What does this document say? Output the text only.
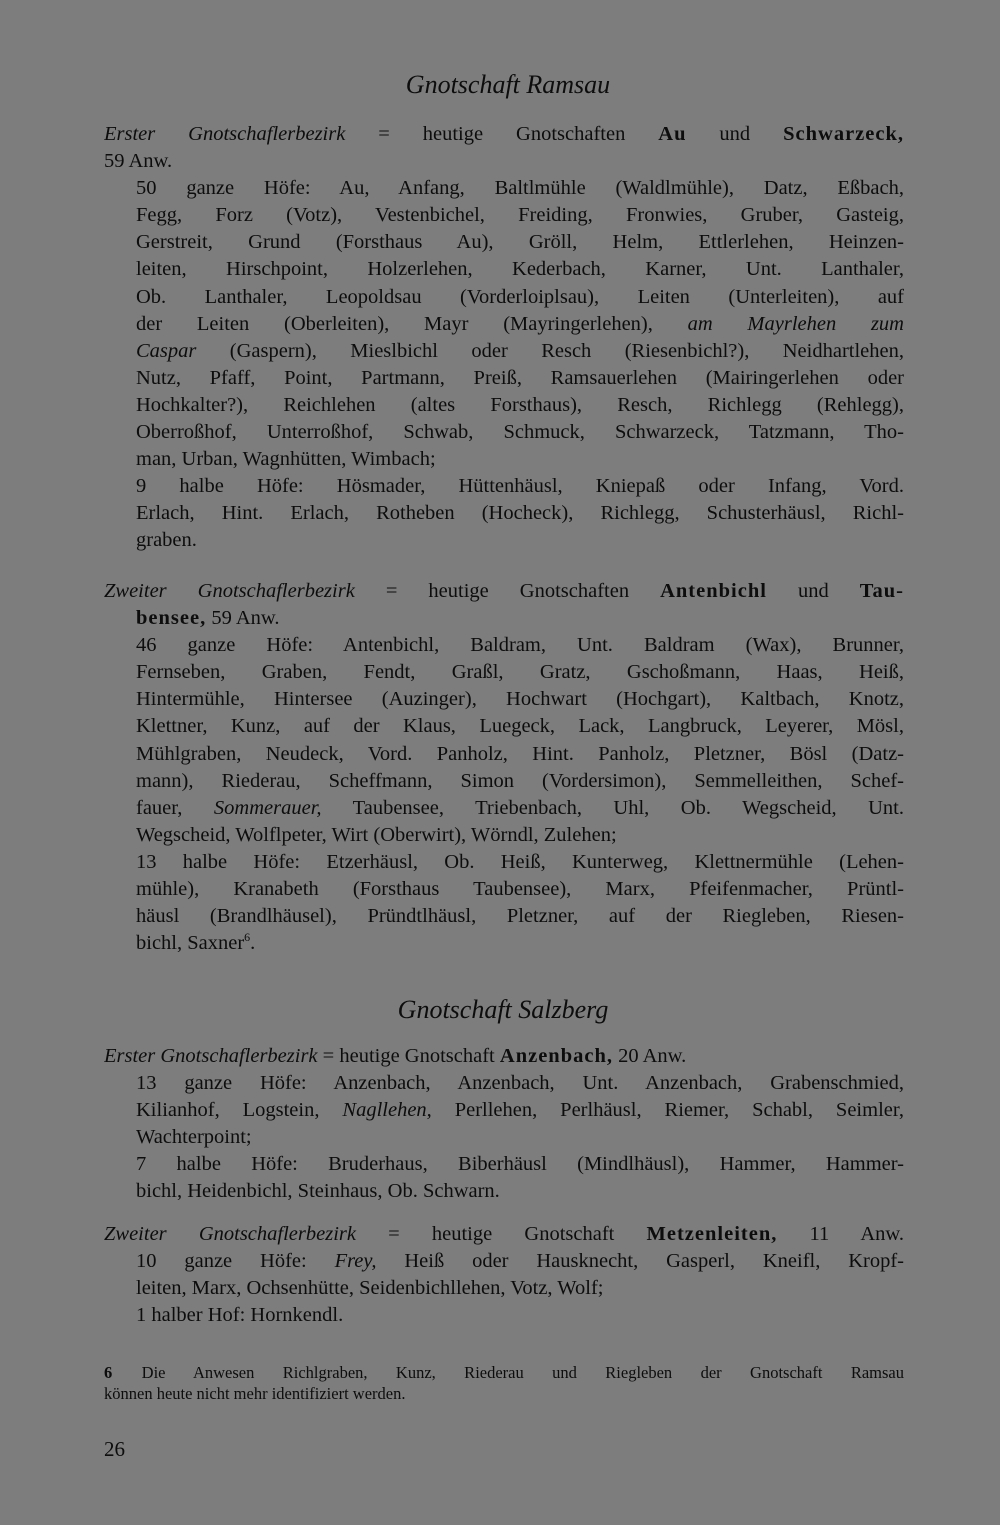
Gnotschaft Ramsau
Erster Gnotschaflerbezirk = heutige Gnotschaften Au und Schwarzeck,
59 Anw.
50 ganze Höfe: Au, Anfang, Baltlmühle (Waldlmühle), Datz, Eßbach,
Fegg, Forz (Votz), Vestenbichel, Freiding, Fronwies, Gruber, Gasteig,
Gerstreit, Grund (Forsthaus Au), Gröll, Helm, Ettlerlehen, Heinzen-
leiten, Hirschpoint, Holzerlehen, Kederbach, Karner, Unt. Lanthaler,
Ob. Lanthaler, Leopoldsau (Vorderloiplsau), Leiten (Unterleiten), auf
der Leiten (Oberleiten), Mayr (Mayringerlehen), am Mayrlehen zum
Caspar (Gaspern), Mieslbichl oder Resch (Riesenbichl?), Neidhartlehen,
Nutz, Pfaff, Point, Partmann, Preiß, Ramsauerlehen (Mairingerlehen oder
Hochkalter?), Reichlehen (altes Forsthaus), Resch, Richlegg (Rehlegg),
Oberroßhof, Unterroßhof, Schwab, Schmuck, Schwarzeck, Tatzmann, Tho-
man, Urban, Wagnhütten, Wimbach;
9 halbe Höfe: Hösmader, Hüttenhäusl, Kniepaß oder Infang, Vord.
Erlach, Hint. Erlach, Rotheben (Hocheck), Richlegg, Schusterhäusl, Richl-
graben.
Zweiter Gnotschaflerbezirk = heutige Gnotschaften Antenbichl und Tau-
bensee, 59 Anw.
46 ganze Höfe: Antenbichl, Baldram, Unt. Baldram (Wax), Brunner,
Fernseben, Graben, Fendt, Graßl, Gratz, Gschoßmann, Haas, Heiß,
Hintermühle, Hintersee (Auzinger), Hochwart (Hochgart), Kaltbach, Knotz,
Klettner, Kunz, auf der Klaus, Luegeck, Lack, Langbruck, Leyerer, Mösl,
Mühlgraben, Neudeck, Vord. Panholz, Hint. Panholz, Pletzner, Bösl (Datz-
mann), Riederau, Scheffmann, Simon (Vordersimon), Semmelleithen, Schef-
fauer, Sommerauer, Taubensee, Triebenbach, Uhl, Ob. Wegscheid, Unt.
Wegscheid, Wolflpeter, Wirt (Oberwirt), Wörndl, Zulehen;
13 halbe Höfe: Etzerhäusl, Ob. Heiß, Kunterweg, Klettnermühle (Lehen-
mühle), Kranabeth (Forsthaus Taubensee), Marx, Pfeifenmacher, Prüntl-
häusl (Brandlhäusel), Pründtlhäusl, Pletzner, auf der Riegleben, Riesen-
bichl, Saxner$^6$.
Gnotschaft Salzberg
Erster Gnotschaflerbezirk = heutige Gnotschaft Anzenbach, 20 Anw.
13 ganze Höfe: Anzenbach, Anzenbach, Unt. Anzenbach, Grabenschmied,
Kilianhof, Logstein, Nagllehen, Perllehen, Perlhäusl, Riemer, Schabl, Seimler,
Wachterpoint;
7 halbe Höfe: Bruderhaus, Biberhäusl (Mindlhäusl), Hammer, Hammer-
bichl, Heidenbichl, Steinhaus, Ob. Schwarn.
Zweiter Gnotschaflerbezirk = heutige Gnotschaft Metzenleiten, 11 Anw.
10 ganze Höfe: Frey, Heiß oder Hausknecht, Gasperl, Kneifl, Kropf-
leiten, Marx, Ochsenhütte, Seidenbichllehen, Votz, Wolf;
1 halber Hof: Hornkendl.
6 Die Anwesen Richlgraben, Kunz, Riederau und Riegleben der Gnotschaft Ramsau
können heute nicht mehr identifiziert werden.
26
